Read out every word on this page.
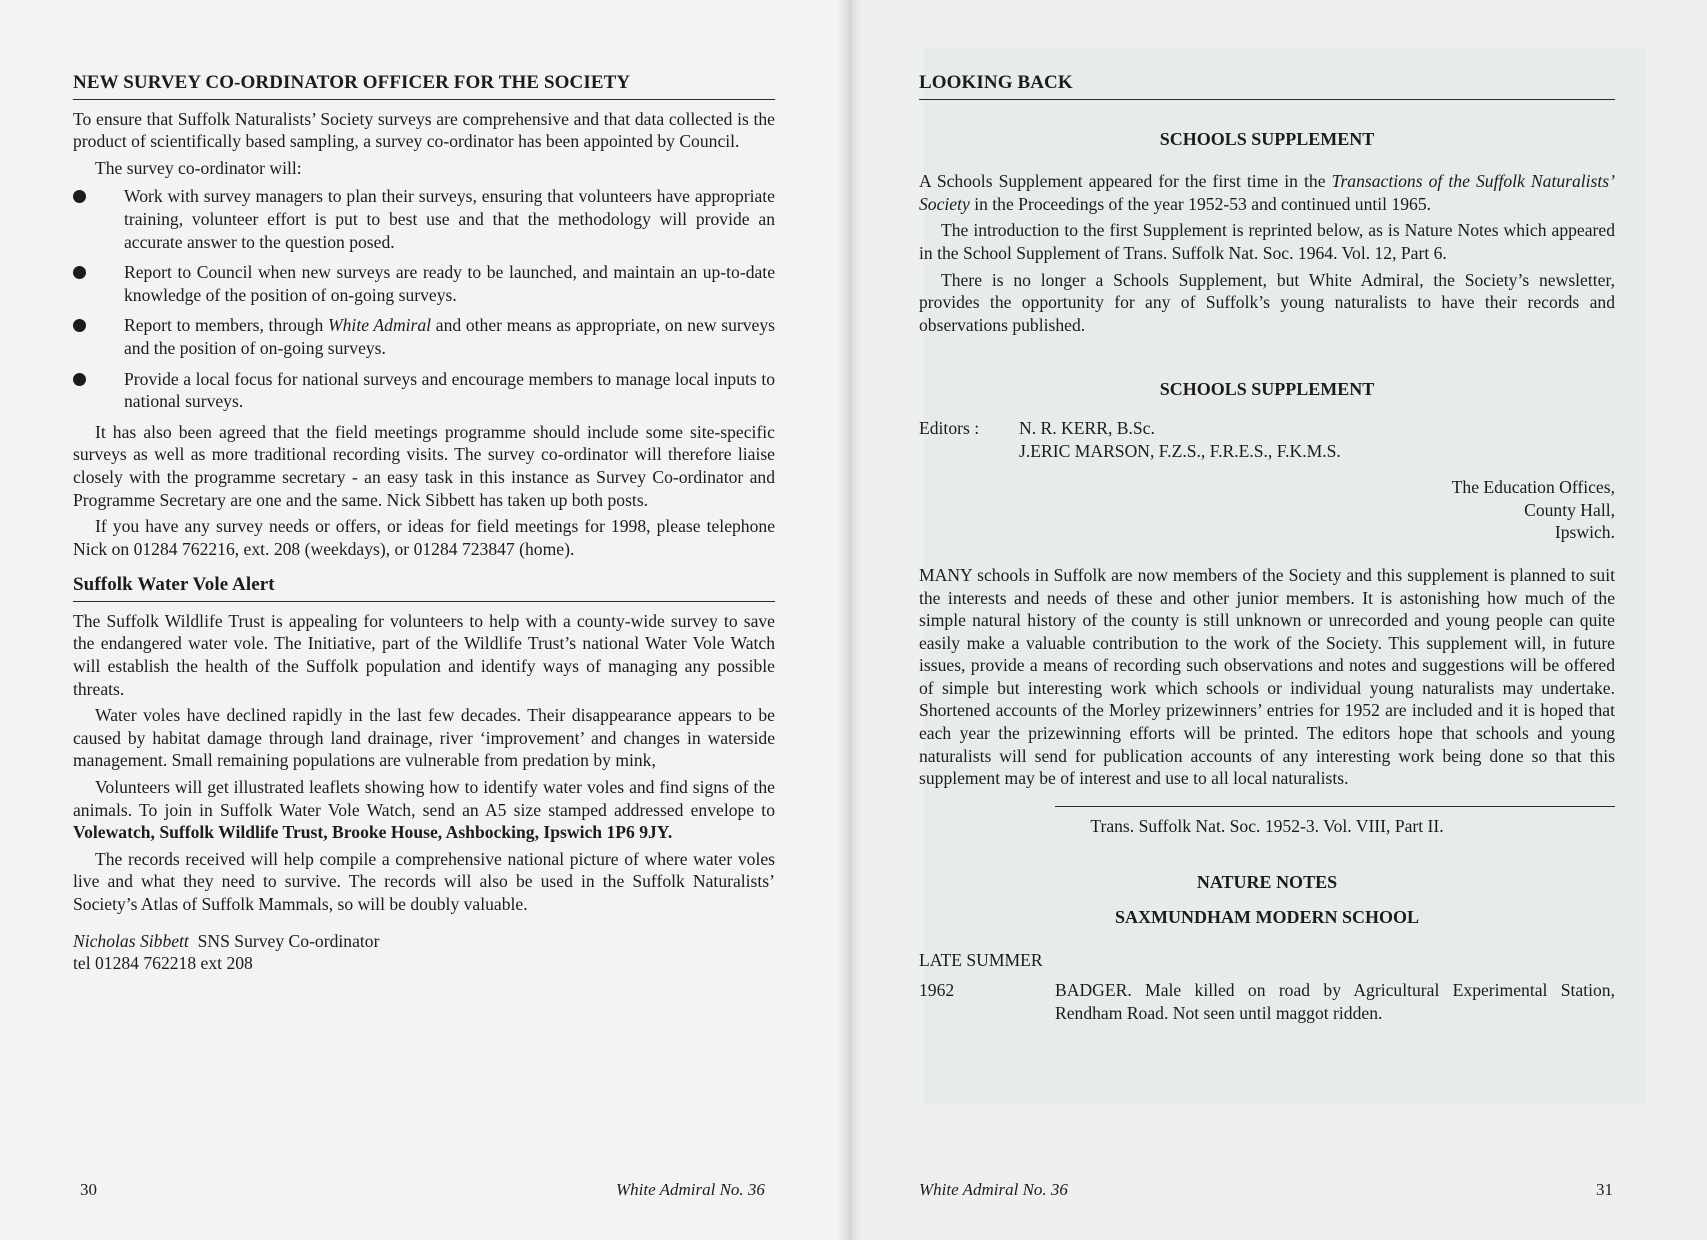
NEW SURVEY CO-ORDINATOR OFFICER FOR THE SOCIETY

To ensure that Suffolk Naturalists’ Society surveys are comprehensive and that data collected is the product of scientifically based sampling, a survey co-ordinator has been appointed by Council.

The survey co-ordinator will:

Work with survey managers to plan their surveys, ensuring that volunteers have appropriate training, volunteer effort is put to best use and that the methodology will provide an accurate answer to the question posed.
Report to Council when new surveys are ready to be launched, and maintain an up-to-date knowledge of the position of on-going surveys.
Report to members, through White Admiral and other means as appropriate, on new surveys and the position of on-going surveys.
Provide a local focus for national surveys and encourage members to manage local inputs to national surveys.

It has also been agreed that the field meetings programme should include some site-specific surveys as well as more traditional recording visits. The survey co-ordinator will therefore liaise closely with the programme secretary - an easy task in this instance as Survey Co-ordinator and Programme Secretary are one and the same. Nick Sibbett has taken up both posts.

If you have any survey needs or offers, or ideas for field meetings for 1998, please telephone Nick on 01284 762216, ext. 208 (weekdays), or 01284 723847 (home).

Suffolk Water Vole Alert

The Suffolk Wildlife Trust is appealing for volunteers to help with a county-wide survey to save the endangered water vole. The Initiative, part of the Wildlife Trust’s national Water Vole Watch will establish the health of the Suffolk population and identify ways of managing any possible threats.

Water voles have declined rapidly in the last few decades. Their disappearance appears to be caused by habitat damage through land drainage, river ‘improvement’ and changes in waterside management. Small remaining populations are vulnerable from predation by mink,

Volunteers will get illustrated leaflets showing how to identify water voles and find signs of the animals. To join in Suffolk Water Vole Watch, send an A5 size stamped addressed envelope to Volewatch, Suffolk Wildlife Trust, Brooke House, Ashbocking, Ipswich 1P6 9JY.

The records received will help compile a comprehensive national picture of where water voles live and what they need to survive. The records will also be used in the Suffolk Naturalists’ Society’s Atlas of Suffolk Mammals, so will be doubly valuable.

Nicholas Sibbett SNS Survey Co-ordinator
tel 01284 762218 ext 208
30	White Admiral No. 36
LOOKING BACK

SCHOOLS SUPPLEMENT

A Schools Supplement appeared for the first time in the Transactions of the Suffolk Naturalists’ Society in the Proceedings of the year 1952-53 and continued until 1965.

The introduction to the first Supplement is reprinted below, as is Nature Notes which appeared in the School Supplement of Trans. Suffolk Nat. Soc. 1964. Vol. 12, Part 6.

There is no longer a Schools Supplement, but White Admiral, the Society’s newsletter, provides the opportunity for any of Suffolk’s young naturalists to have their records and observations published.

SCHOOLS SUPPLEMENT

Editors :	N. R. KERR, B.Sc.
J.ERIC MARSON, F.Z.S., F.R.E.S., F.K.M.S.
The Education Offices,
County Hall,
Ipswich.

MANY schools in Suffolk are now members of the Society and this supplement is planned to suit the interests and needs of these and other junior members. It is astonishing how much of the simple natural history of the county is still unknown or unrecorded and young people can quite easily make a valuable contribution to the work of the Society. This supplement will, in future issues, provide a means of recording such observations and notes and suggestions will be offered of simple but interesting work which schools or individual young naturalists may undertake. Shortened accounts of the Morley prizewinners’ entries for 1952 are included and it is hoped that each year the prizewinning efforts will be printed. The editors hope that schools and young naturalists will send for publication accounts of any interesting work being done so that this supplement may be of interest and use to all local naturalists.

Trans. Suffolk Nat. Soc. 1952-3. Vol. VIII, Part II.

NATURE NOTES

SAXMUNDHAM MODERN SCHOOL

LATE SUMMER

1962	BADGER. Male killed on road by Agricultural Experimental Station, Rendham Road. Not seen until maggot ridden.
White Admiral No. 36	31
